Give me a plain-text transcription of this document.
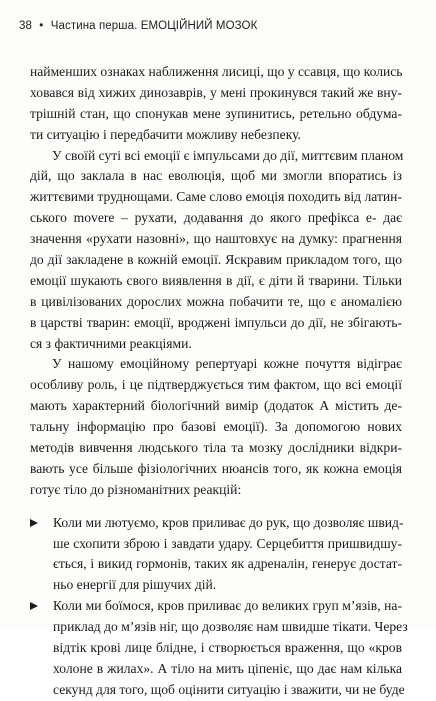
38 • Частина перша. ЕМОЦІЙНИЙ МОЗОК
найменших ознаках наближення лисиці, що у ссавця, що колись
ховався від хижих динозаврів, у мені прокинувся такий же вну-
трішній стан, що спонукав мене зупинитись, ретельно обдума-
ти ситуацію і передбачити можливу небезпеку.
У своїй суті всі емоції є імпульсами до дії, миттєвим планом
дій, що заклала в нас еволюція, щоб ми змогли впоратись із
життєвими труднощами. Саме слово емоція походить від латин-
ського movere – рухати, додавання до якого префікса е- дає
значення «рухати назовні», що наштовхує на думку: прагнення
до дії закладене в кожній емоції. Яскравим прикладом того, що
емоції шукають свого виявлення в дії, є діти й тварини. Тільки
в цивілізованих дорослих можна побачити те, що є аномалією
в царстві тварин: емоції, вроджені імпульси до дії, не збігають-
ся з фактичними реакціями.
У нашому емоційному репертуарі кожне почуття відіграє
особливу роль, і це підтверджується тим фактом, що всі емоції
мають характерний біологічний вимір (додаток А містить де-
тальну інформацію про базові емоції). За допомогою нових
методів вивчення людського тіла та мозку дослідники відкри-
вають усе більше фізіологічних нюансів того, як кожна емоція
готує тіло до різноманітних реакцій:
Коли ми лютуємо, кров приливає до рук, що дозволяє швид-
ше схопити зброю і завдати удару. Серцебиття пришвидшу-
ється, і викид гормонів, таких як адреналін, генерує достат-
ньо енергії для рішучих дій.
Коли ми боїмося, кров приливає до великих груп м’язів, на-
приклад до м’язів ніг, що дозволяє нам швидше тікати. Через
відтік крові лице блідне, і створюється враження, що «кров
холоне в жилах». А тіло на мить ціпеніє, що дає нам кілька
секунд для того, щоб оцінити ситуацію і зважити, чи не буде
